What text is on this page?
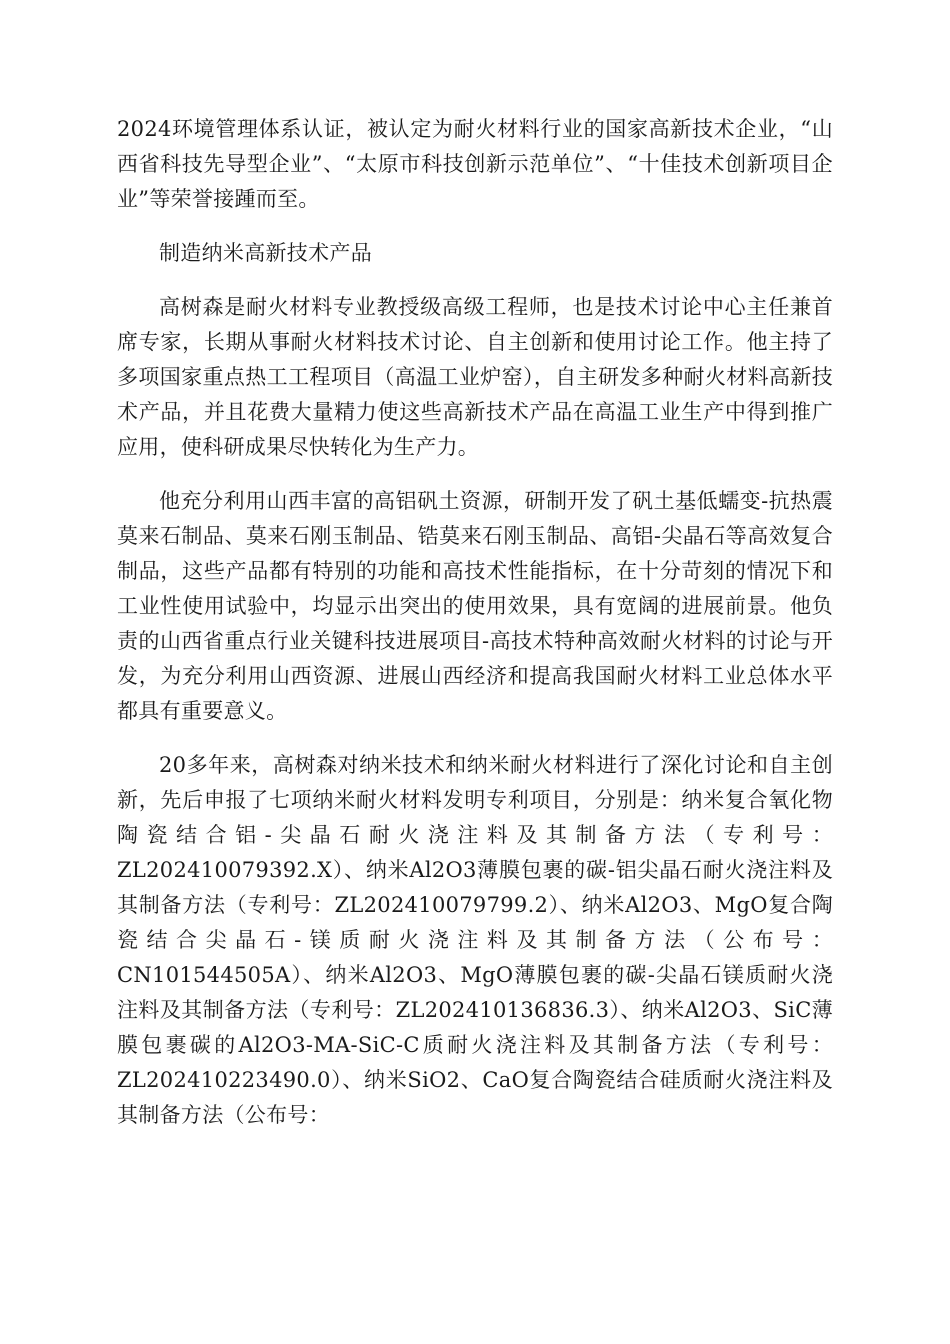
2024环境管理体系认证，被认定为耐火材料行业的国家高新技术企业，“山西省科技先导型企业”、“太原市科技创新示范单位”、“十佳技术创新项目企业”等荣誉接踵而至。

制造纳米高新技术产品

高树森是耐火材料专业教授级高级工程师，也是技术讨论中心主任兼首席专家，长期从事耐火材料技术讨论、自主创新和使用讨论工作。他主持了多项国家重点热工工程项目（高温工业炉窑），自主研发多种耐火材料高新技术产品，并且花费大量精力使这些高新技术产品在高温工业生产中得到推广应用，使科研成果尽快转化为生产力。

他充分利用山西丰富的高铝矾土资源，研制开发了矾土基低蠕变-抗热震莫来石制品、莫来石刚玉制品、锆莫来石刚玉制品、高铝-尖晶石等高效复合制品，这些产品都有特别的功能和高技术性能指标，在十分苛刻的情况下和工业性使用试验中，均显示出突出的使用效果，具有宽阔的进展前景。他负责的山西省重点行业关键科技进展项目-高技术特种高效耐火材料的讨论与开发，为充分利用山西资源、进展山西经济和提高我国耐火材料工业总体水平都具有重要意义。

20多年来，高树森对纳米技术和纳米耐火材料进行了深化讨论和自主创新，先后申报了七项纳米耐火材料发明专利项目，分别是：纳米复合氧化物陶瓷结合铝-尖晶石耐火浇注料及其制备方法（专利号：ZL202410079392.X）、纳米Al2O3薄膜包裹的碳-铝尖晶石耐火浇注料及其制备方法（专利号：ZL202410079799.2）、纳米Al2O3、MgO复合陶瓷结合尖晶石-镁质耐火浇注料及其制备方法（公布号：CN101544505A）、纳米Al2O3、MgO薄膜包裹的碳-尖晶石镁质耐火浇注料及其制备方法（专利号：ZL202410136836.3）、纳米Al2O3、SiC薄膜包裹碳的Al2O3-MA-SiC-C质耐火浇注料及其制备方法（专利号：ZL202410223490.0）、纳米SiO2、CaO复合陶瓷结合硅质耐火浇注料及其制备方法（公布号：
